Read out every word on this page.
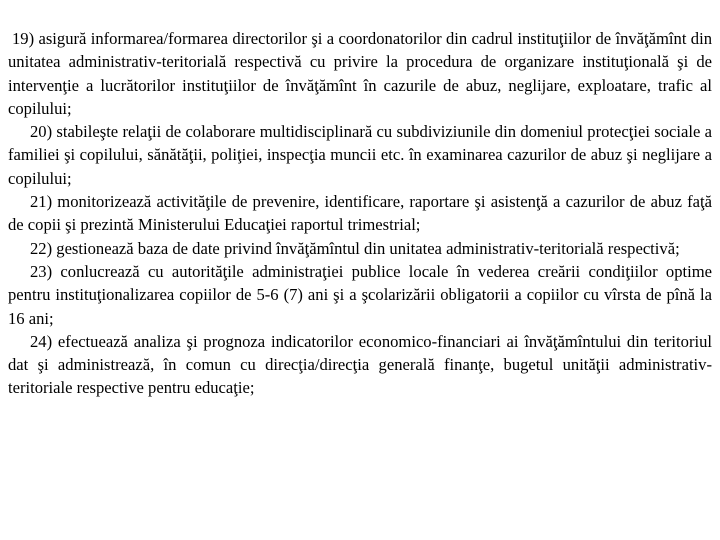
19) asigură informarea/formarea directorilor şi a coordonatorilor din cadrul instituţiilor de învăţămînt din unitatea administrativ-teritorială respectivă cu privire la procedura de organizare instituţională şi de intervenţie a lucrătorilor instituţiilor de învăţămînt în cazurile de abuz, neglijare, exploatare, trafic al copilului;

20) stabileşte relaţii de colaborare multidisciplinară cu subdiviziunile din domeniul protecţiei sociale a familiei şi copilului, sănătăţii, poliţiei, inspecţia muncii etc. în examinarea cazurilor de abuz şi neglijare a copilului;

21) monitorizează activităţile de prevenire, identificare, raportare şi asistenţă a cazurilor de abuz faţă de copii şi prezintă Ministerului Educaţiei raportul trimestrial;

22) gestionează baza de date privind învăţămîntul din unitatea administrativ-teritorială respectivă;

23) conlucrează cu autorităţile administraţiei publice locale în vederea creării condiţiilor optime pentru instituţionalizarea copiilor de 5-6 (7) ani şi a şcolarizării obligatorii a copiilor cu vîrsta de pînă la 16 ani;

24) efectuează analiza şi prognoza indicatorilor economico-financiari ai învăţămîntului din teritoriul dat şi administrează, în comun cu direcţia/direcţia generală finanţe, bugetul unităţii administrativ-teritoriale respective pentru educaţie;
